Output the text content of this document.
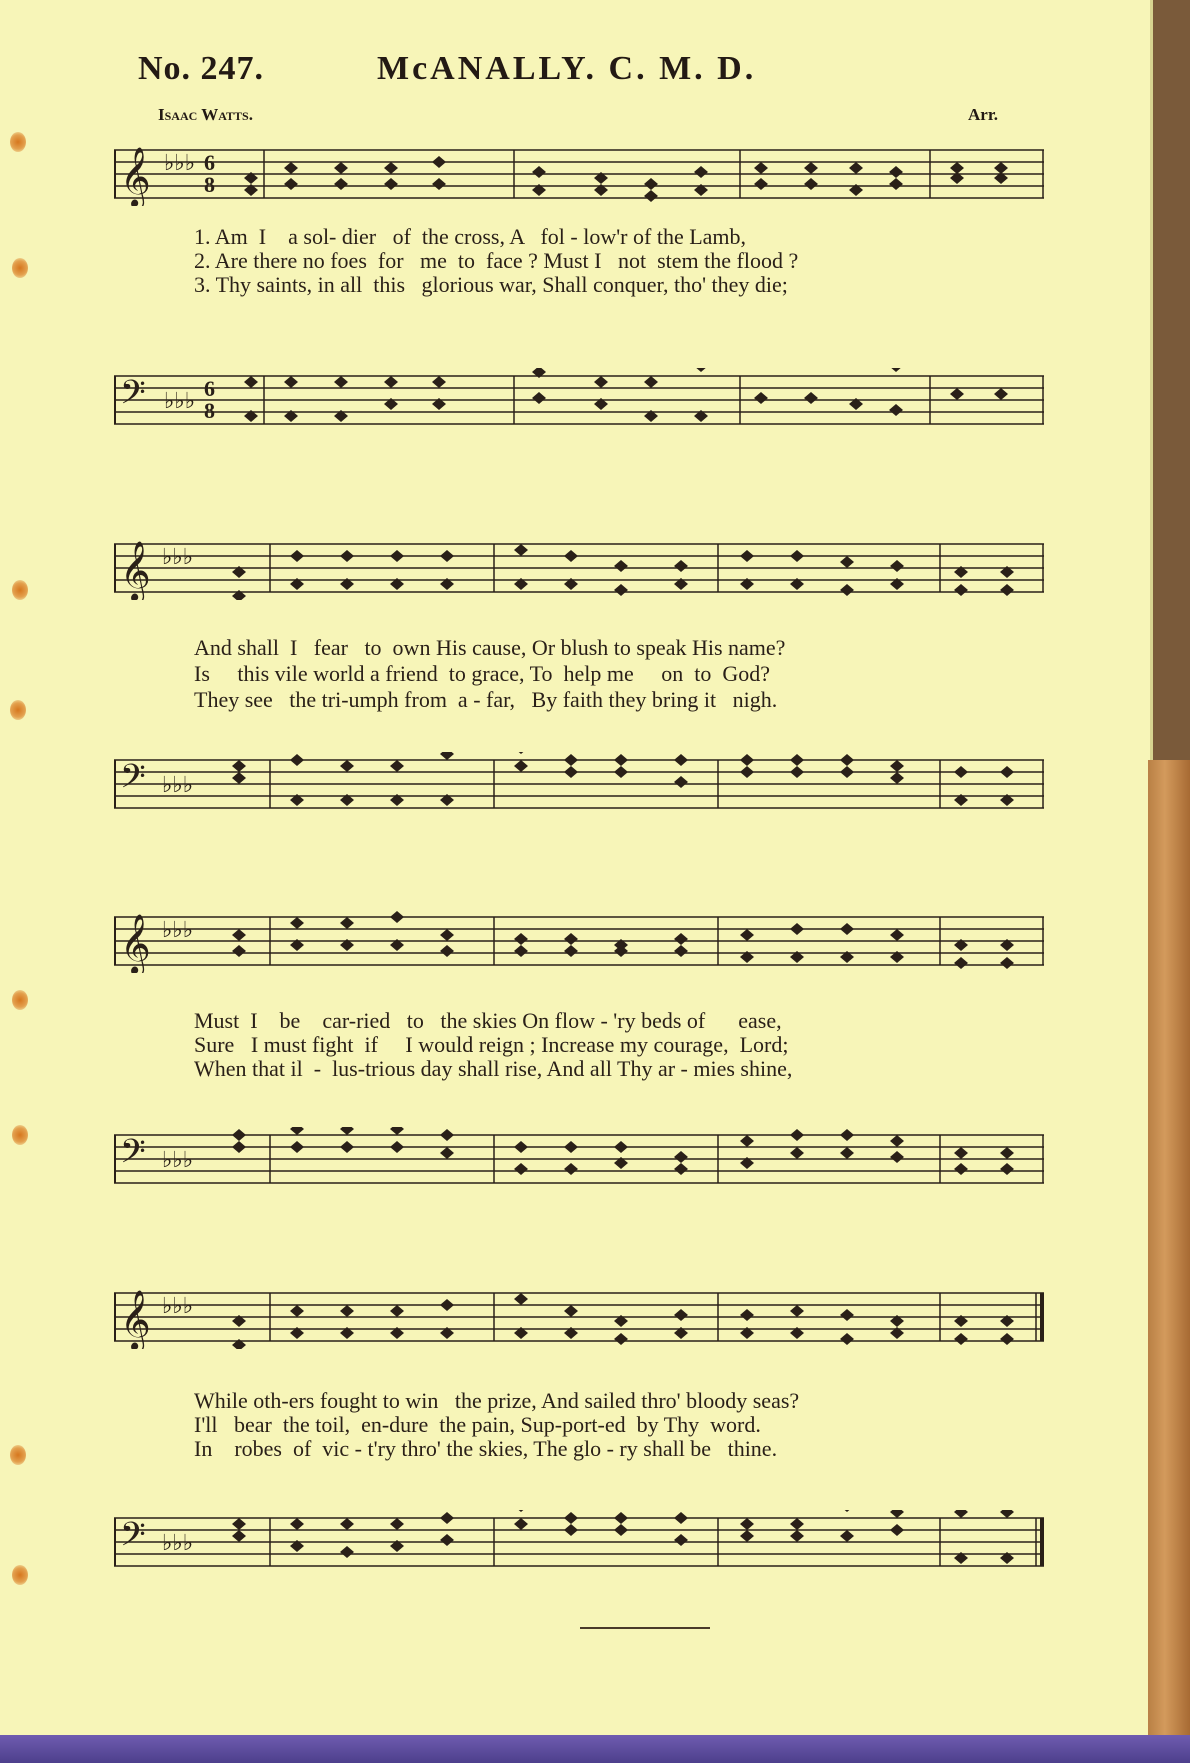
No. 247.	McANALLY. C. M. D.
Isaac Watts.	Arr.
𝄞 ♭♭♭ 6
8
1. Am  I    a sol- dier   of  the cross, A   fol - low'r of the Lamb,
2. Are there no foes  for   me  to  face ? Must I   not  stem the flood ?
3. Thy saints, in all  this   glorious war, Shall conquer, tho' they die;
𝄢 ♭♭♭
6
8
𝄞 ♭♭♭
And shall  I   fear   to  own His cause, Or blush to speak His name?
Is     this vile world a friend  to grace, To  help me     on  to  God?
They see   the tri-umph from  a - far,   By faith they bring it   nigh.
𝄢 ♭♭♭
𝄞 ♭♭♭
Must  I    be    car-ried   to   the skies On flow - 'ry beds of      ease,
Sure   I must fight  if     I would reign ; Increase my courage,  Lord;
When that il  -  lus-trious day shall rise, And all Thy ar - mies shine,
𝄢 ♭♭♭
𝄞 ♭♭♭
While oth-ers fought to win   the prize, And sailed thro' bloody seas?
I'll   bear  the toil,  en-dure  the pain, Sup-port-ed  by Thy  word.
In    robes  of  vic - t'ry thro' the skies, The glo - ry shall be   thine.
𝄢 ♭♭♭
